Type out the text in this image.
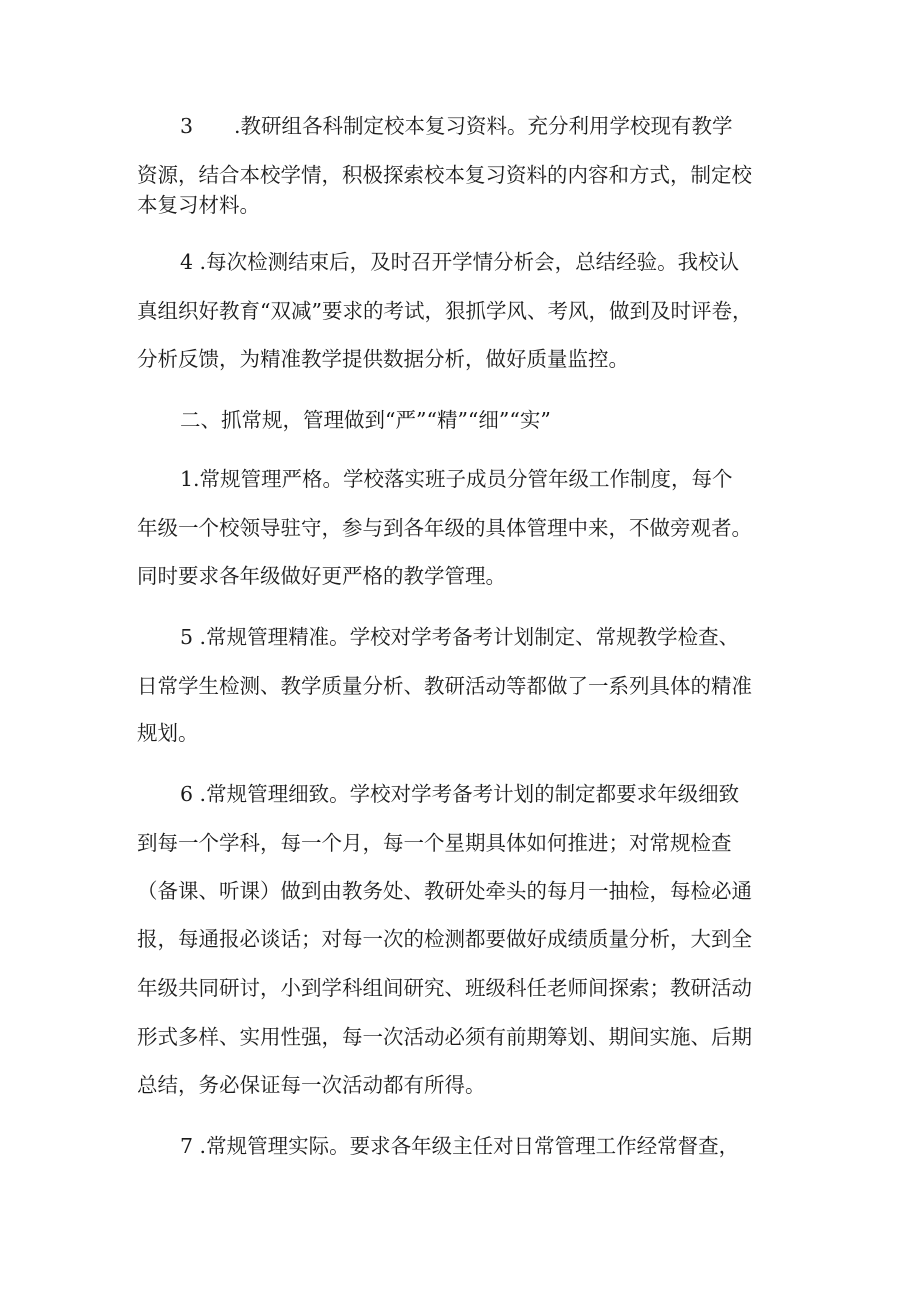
3　　.教研组各科制定校本复习资料。充分利用学校现有教学
资源，结合本校学情，积极探索校本复习资料的内容和方式，制定校
本复习材料。
4 .每次检测结束后，及时召开学情分析会，总结经验。我校认
真组织好教育“双减”要求的考试，狠抓学风、考风，做到及时评卷，
分析反馈，为精准教学提供数据分析，做好质量监控。
二、抓常规，管理做到“严”“精”“细”“实”
1.常规管理严格。学校落实班子成员分管年级工作制度，每个
年级一个校领导驻守，参与到各年级的具体管理中来，不做旁观者。
同时要求各年级做好更严格的教学管理。
5 .常规管理精准。学校对学考备考计划制定、常规教学检查、
日常学生检测、教学质量分析、教研活动等都做了一系列具体的精准
规划。
6 .常规管理细致。学校对学考备考计划的制定都要求年级细致
到每一个学科，每一个月，每一个星期具体如何推进；对常规检查
（备课、听课）做到由教务处、教研处牵头的每月一抽检，每检必通
报，每通报必谈话；对每一次的检测都要做好成绩质量分析，大到全
年级共同研讨，小到学科组间研究、班级科任老师间探索；教研活动
形式多样、实用性强，每一次活动必须有前期筹划、期间实施、后期
总结，务必保证每一次活动都有所得。
7 .常规管理实际。要求各年级主任对日常管理工作经常督查，
